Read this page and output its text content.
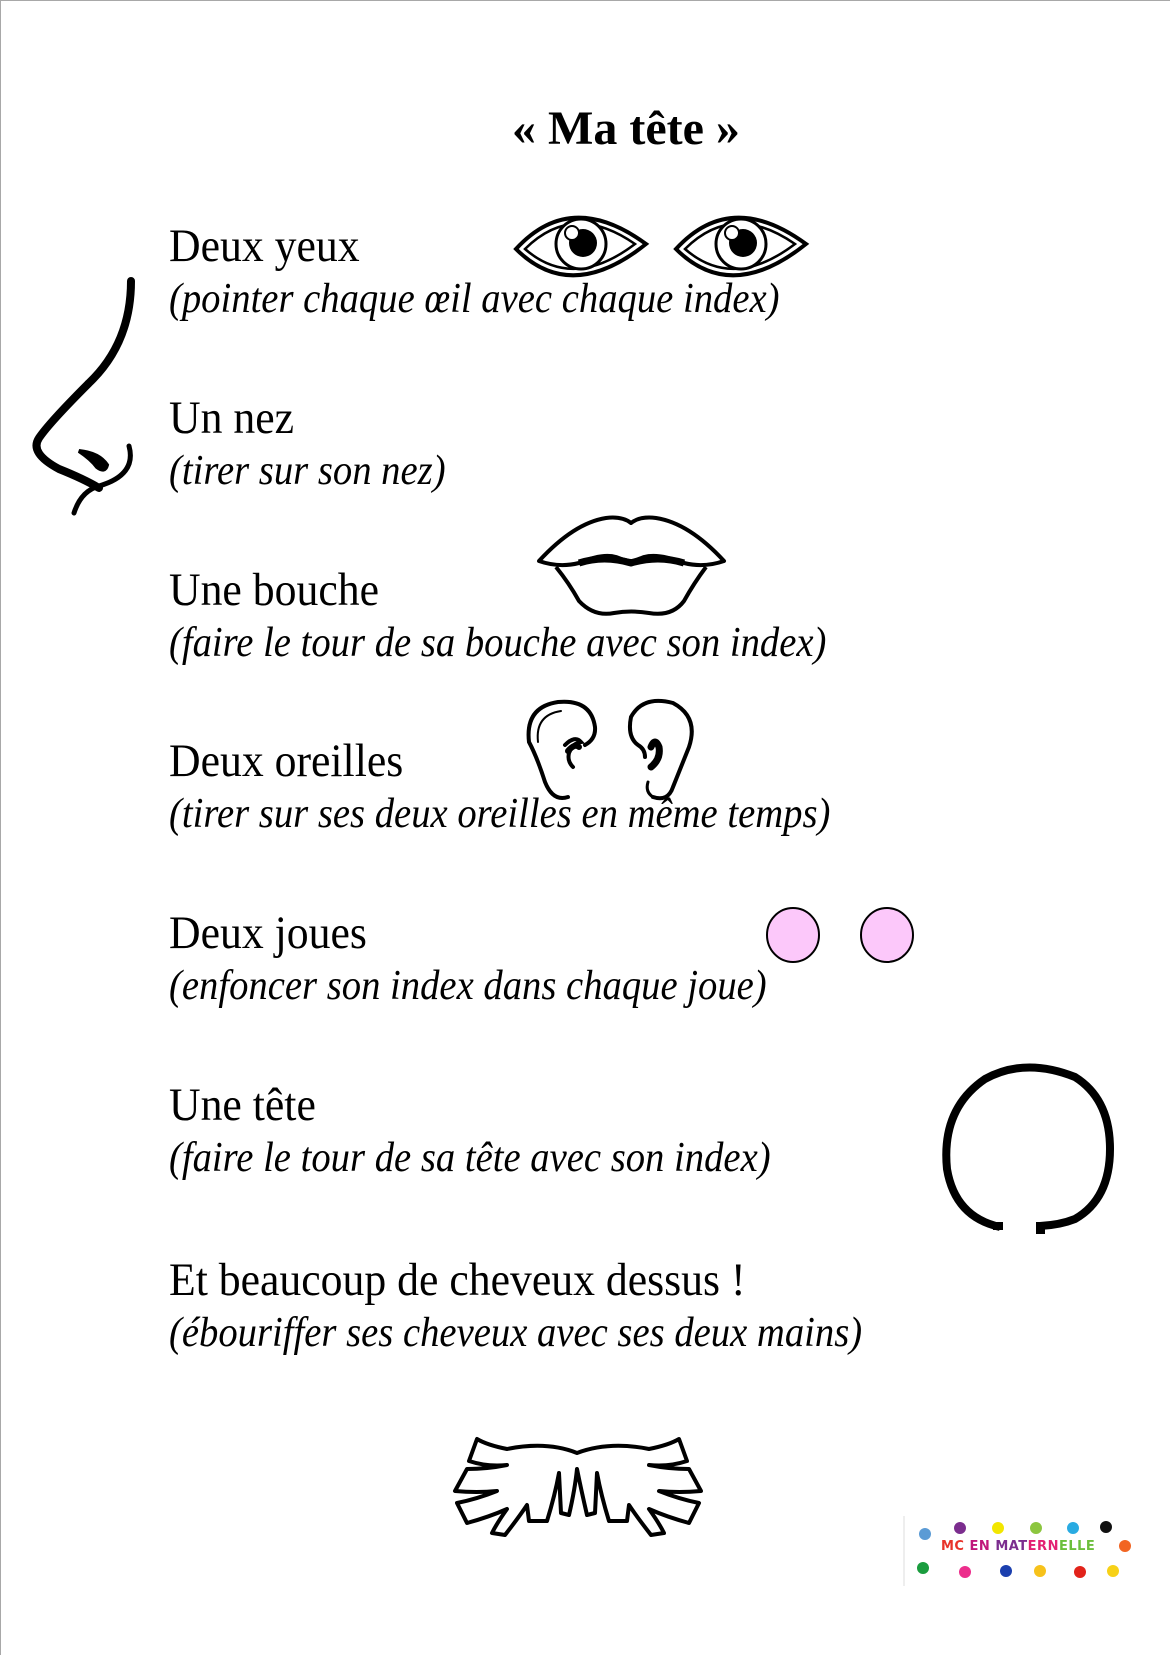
« Ma tête »
Deux yeux
(pointer chaque œil avec chaque index)
Un nez
(tirer sur son nez)
Une bouche
(faire le tour de sa bouche avec son index)
Deux oreilles
(tirer sur ses deux oreilles en même temps)
Deux joues
(enfoncer son index dans chaque joue)
Une tête
(faire le tour de sa tête avec son index)
Et beaucoup de cheveux dessus !
(ébouriffer ses cheveux avec ses deux mains)
MC EN MATERNELLE
